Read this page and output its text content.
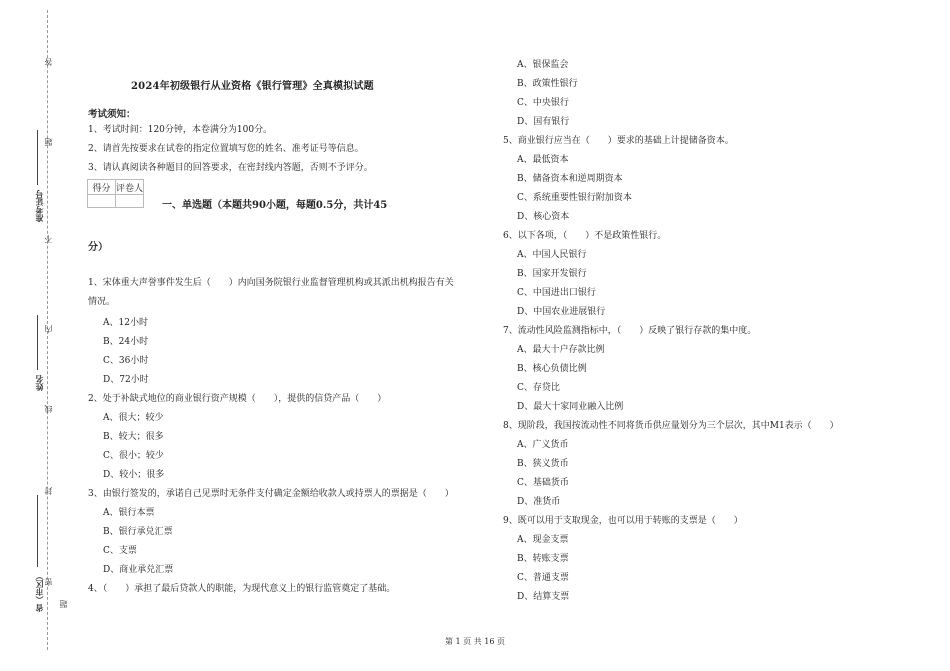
答
题
不
内
线
封
密
题
准考证号
姓名
省（市区）
2024年初级银行从业资格《银行管理》全真模拟试题
考试须知：
1、考试时间：120分钟，本卷满分为100分。
2、请首先按要求在试卷的指定位置填写您的姓名、准考证号等信息。
3、请认真阅读各种题目的回答要求，在密封线内答题，否则不予评分。
得分	评卷人

一、单选题（本题共90小题，每题0.5分，共计45
分）
1、宋体重大声誉事件发生后（　　）内向国务院银行业监督管理机构或其派出机构报告有关
情况。
A、12小时
B、24小时
C、36小时
D、72小时
2、处于补缺式地位的商业银行资产规模（　　），提供的信贷产品（　　）
A、很大；较少
B、较大；很多
C、很小；较少
D、较小；很多
3、由银行签发的，承诺自己见票时无条件支付确定金额给收款人或持票人的票据是（　　）
A、银行本票
B、银行承兑汇票
C、支票
D、商业承兑汇票
4、（　　）承担了最后贷款人的职能，为现代意义上的银行监管奠定了基础。
A、银保监会
B、政策性银行
C、中央银行
D、国有银行
5、商业银行应当在（　　）要求的基础上计提储备资本。
A、最低资本
B、储备资本和逆周期资本
C、系统重要性银行附加资本
D、核心资本
6、以下各项，（　　）不是政策性银行。
A、中国人民银行
B、国家开发银行
C、中国进出口银行
D、中国农业进展银行
7、流动性风险监测指标中，（　　）反映了银行存款的集中度。
A、最大十户存款比例
B、核心负债比例
C、存贷比
D、最大十家同业融入比例
8、现阶段，我国按流动性不同将货币供应量划分为三个层次，其中M1表示（　　）
A、广义货币
B、狭义货币
C、基础货币
D、准货币
9、既可以用于支取现金，也可以用于转账的支票是（　　）
A、现金支票
B、转账支票
C、普通支票
D、结算支票
第 1 页 共 16 页
